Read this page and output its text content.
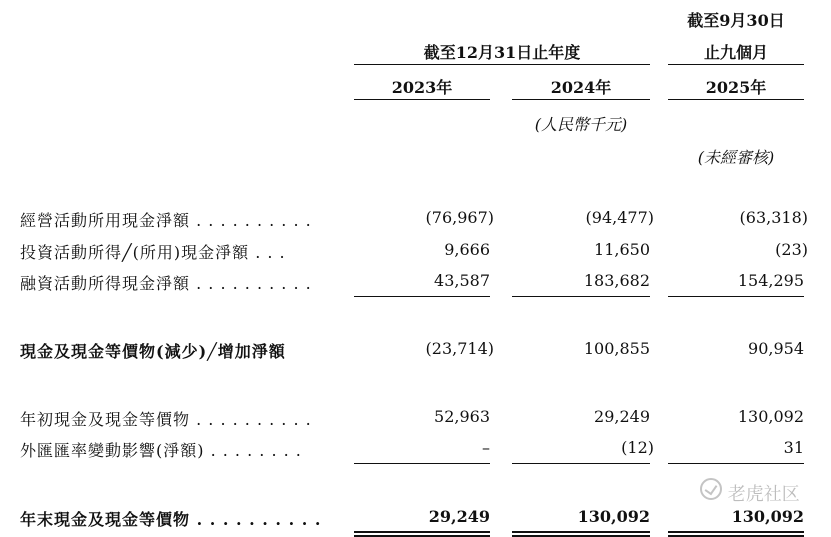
截至9月30日
截至12月31日止年度	止九個月
2023年	2024年	2025年
(人民幣千元)
(未經審核)
經營活動所用現金淨額 . . . . . . . . . .	(76,967)	(94,477)	(63,318)
投資活動所得╱(所用)現金淨額 . . .	9,666	11,650	(23)
融資活動所得現金淨額 . . . . . . . . . .	43,587	183,682	154,295
現金及現金等價物(減少)╱增加淨額	(23,714)	100,855	90,954
年初現金及現金等價物 . . . . . . . . . .	52,963	29,249	130,092
外匯匯率變動影響(淨額) . . . . . . . .	–	(12)	31
年末現金及現金等價物 . . . . . . . . . .	29,249	130,092	130,092
老虎社区
